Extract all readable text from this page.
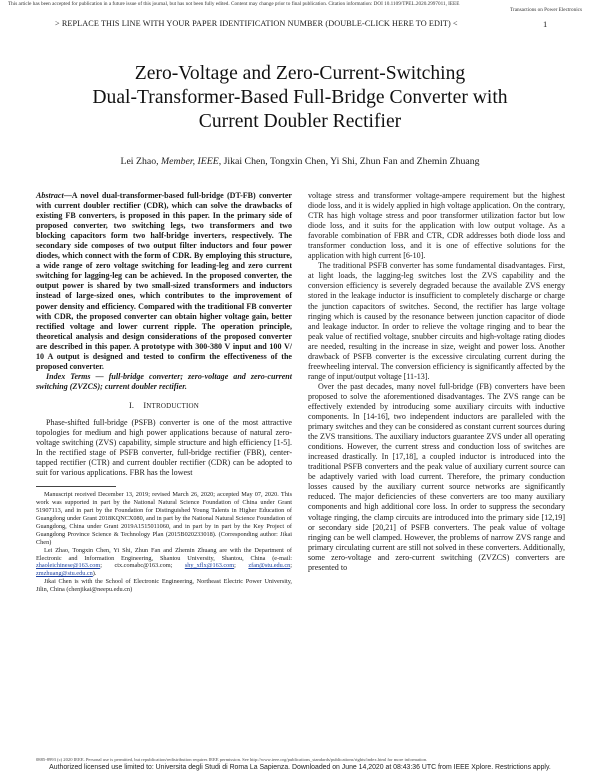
This article has been accepted for publication in a future issue of this journal, but has not been fully edited. Content may change prior to final publication. Citation information: DOI 10.1109/TPEL.2020.2997011, IEEE
Transactions on Power Electronics
> REPLACE THIS LINE WITH YOUR PAPER IDENTIFICATION NUMBER (DOUBLE-CLICK HERE TO EDIT) <	1
Zero-Voltage and Zero-Current-Switching
Dual-Transformer-Based Full-Bridge Converter with
Current Doubler Rectifier
Lei Zhao, Member, IEEE, Jikai Chen, Tongxin Chen, Yi Shi, Zhun Fan and Zhemin Zhuang

Abstract—A novel dual-transformer-based full-bridge (DT-FB) converter with current doubler rectifier (CDR), which can solve the drawbacks of existing FB converters, is proposed in this paper. In the primary side of proposed converter, two switching legs, two transformers and two blocking capacitors form two half-bridge inverters, respectively. The secondary side composes of two output filter inductors and four power diodes, which connect with the form of CDR. By employing this structure, a wide range of zero voltage switching for leading-leg and zero current switching for lagging-leg can be achieved. In the proposed converter, the output power is shared by two small-sized transformers and inductors instead of large-sized ones, which contributes to the improvement of power density and efficiency. Compared with the traditional FB converter with CDR, the proposed converter can obtain higher voltage gain, better rectified voltage and lower current ripple. The operation principle, theoretical analysis and design considerations of the proposed converter are described in this paper. A prototype with 300-380 V input and 100 V/ 10 A output is designed and tested to confirm the effectiveness of the proposed converter.

Index Terms — full-bridge converter; zero-voltage and zero-current switching (ZVZCS); current doubler rectifier.

I. INTRODUCTION

Phase-shifted full-bridge (PSFB) converter is one of the most attractive topologies for medium and high power applications because of natural zero-voltage switching (ZVS) capability, simple structure and high efficiency [1-5]. In the rectified stage of PSFB converter, full-bridge rectifier (FBR), center-tapped rectifier (CTR) and current doubler rectifier (CDR) can be adopted to suit for various applications. FBR has the lowest

Manuscript received December 13, 2019; revised March 26, 2020; accepted May 07, 2020. This work was supported in part by the National Natural Science Foundation of China under Grant 51907113, and in part by the Foundation for Distinguished Young Talents in Higher Education of Guangdong under Grant 2018KQNCX080, and in part by the National Natural Science Foundation of Guangdong, China under Grant 2019A1515011060, and in part by in part by the Key Project of Guangdong Province Science & Technology Plan (2015B020233018). (Corresponding author: Jikai Chen)

Lei Zhao, Tongxin Chen, Yi Shi, Zhun Fan and Zhemin Zhuang are with the Department of Electronic and Information Engineering, Shantou University, Shantou, China (e-mail: zhaoleichinese@163.com; ctx.comabc@163.com; shy_xflx@163.com; zfan@stu.edu.cn; zmzhuang@stu.edu.cn).

Jikai Chen is with the School of Electronic Engineering, Northeast Electric Power University, Jilin, China (chenjikai@neepu.edu.cn)

voltage stress and transformer voltage-ampere requirement but the highest diode loss, and it is widely applied in high voltage application. On the contrary, CTR has high voltage stress and poor transformer utilization factor but low diode loss, and it suits for the application with low output voltage. As a favorable combination of FBR and CTR, CDR addresses both diode loss and transformer conduction loss, and it is one of effective solutions for the application with high current [6-10].

The traditional PSFB converter has some fundamental disadvantages. First, at light loads, the lagging-leg switches lost the ZVS capability and the conversion efficiency is severely degraded because the available ZVS energy stored in the leakage inductor is insufficient to completely discharge or charge the junction capacitors of switches. Second, the rectifier has large voltage ringing which is caused by the resonance between junction capacitor of diode and leakage inductor. In order to relieve the voltage ringing and to bear the peak value of rectified voltage, snubber circuits and high-voltage rating diodes are needed, resulting in the increase in size, weight and power loss. Another drawback of PSFB converter is the excessive circulating current during the freewheeling interval. The conversion efficiency is significantly affected by the range of input/output voltage [11-13].

Over the past decades, many novel full-bridge (FB) converters have been proposed to solve the aforementioned disadvantages. The ZVS range can be effectively extended by introducing some auxiliary circuits with inductive components. In [14-16], two independent inductors are paralleled with the primary switches and they can be considered as constant current sources during the ZVS transitions. The auxiliary inductors guarantee ZVS under all operating conditions. However, the current stress and conduction loss of switches are increased drastically. In [17,18], a coupled inductor is introduced into the traditional PSFB converters and the peak value of auxiliary current source can be adaptively varied with load current. Therefore, the primary conduction losses caused by the auxiliary current source networks are significantly reduced. The major deficiencies of these converters are too many auxiliary components and high additional core loss. In order to suppress the secondary voltage ringing, the clamp circuits are introduced into the primary side [12,19] or secondary side [20,21] of PSFB converters. The peak value of voltage ringing can be well clamped. However, the problems of narrow ZVS range and primary circulating current are still not solved in these converters. Additionally, some zero-voltage and zero-current switching (ZVZCS) converters are presented to

0885-8993 (c) 2020 IEEE. Personal use is permitted, but republication/redistribution requires IEEE permission. See http://www.ieee.org/publications_standards/publications/rights/index.html for more information.
Authorized licensed use limited to: Universita degli Studi di Roma La Sapienza. Downloaded on June 14,2020 at 08:43:36 UTC from IEEE Xplore. Restrictions apply.
